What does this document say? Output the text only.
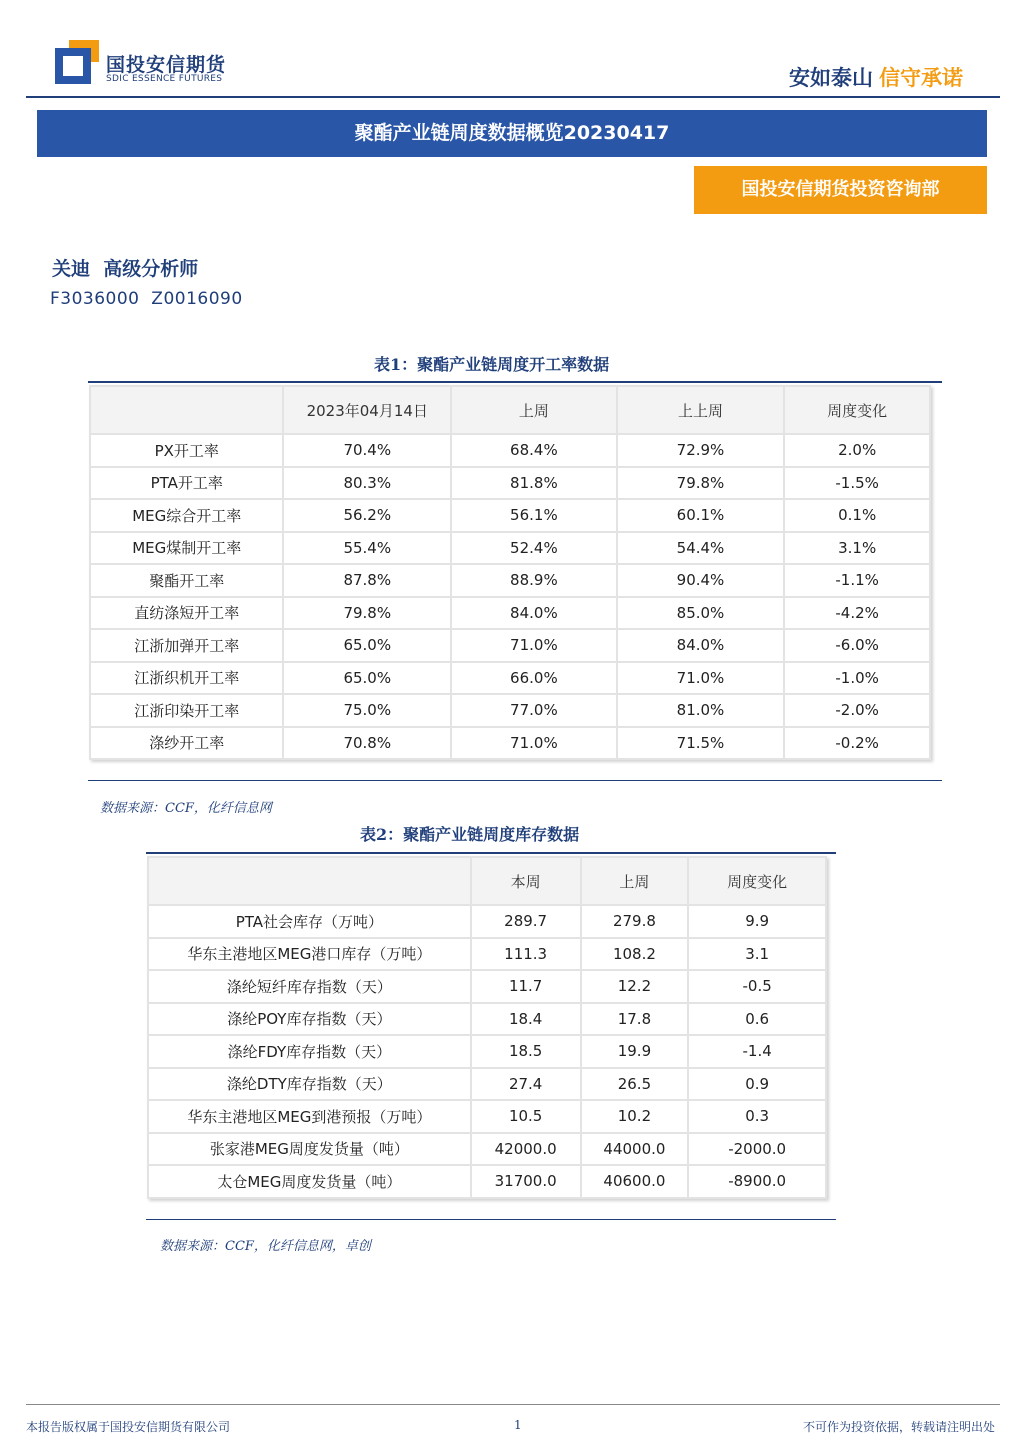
国投安信期货
SDIC ESSENCE FUTURES	安如泰山 信守承诺
聚酯产业链周度数据概览20230417
国投安信期货投资咨询部
关迪  高级分析师
F3036000  Z0016090
表1：聚酯产业链周度开工率数据
	2023年04月14日	上周	上上周	周度变化
PX开工率	70.4%	68.4%	72.9%	2.0%
PTA开工率	80.3%	81.8%	79.8%	-1.5%
MEG综合开工率	56.2%	56.1%	60.1%	0.1%
MEG煤制开工率	55.4%	52.4%	54.4%	3.1%
聚酯开工率	87.8%	88.9%	90.4%	-1.1%
直纺涤短开工率	79.8%	84.0%	85.0%	-4.2%
江浙加弹开工率	65.0%	71.0%	84.0%	-6.0%
江浙织机开工率	65.0%	66.0%	71.0%	-1.0%
江浙印染开工率	75.0%	77.0%	81.0%	-2.0%
涤纱开工率	70.8%	71.0%	71.5%	-0.2%
数据来源：CCF，化纤信息网
表2：聚酯产业链周度库存数据
	本周	上周	周度变化
PTA社会库存（万吨）	289.7	279.8	9.9
华东主港地区MEG港口库存（万吨）	111.3	108.2	3.1
涤纶短纤库存指数（天）	11.7	12.2	-0.5
涤纶POY库存指数（天）	18.4	17.8	0.6
涤纶FDY库存指数（天）	18.5	19.9	-1.4
涤纶DTY库存指数（天）	27.4	26.5	0.9
华东主港地区MEG到港预报（万吨）	10.5	10.2	0.3
张家港MEG周度发货量（吨）	42000.0	44000.0	-2000.0
太仓MEG周度发货量（吨）	31700.0	40600.0	-8900.0
数据来源：CCF，化纤信息网，卓创
本报告版权属于国投安信期货有限公司	1	不可作为投资依据，转载请注明出处
